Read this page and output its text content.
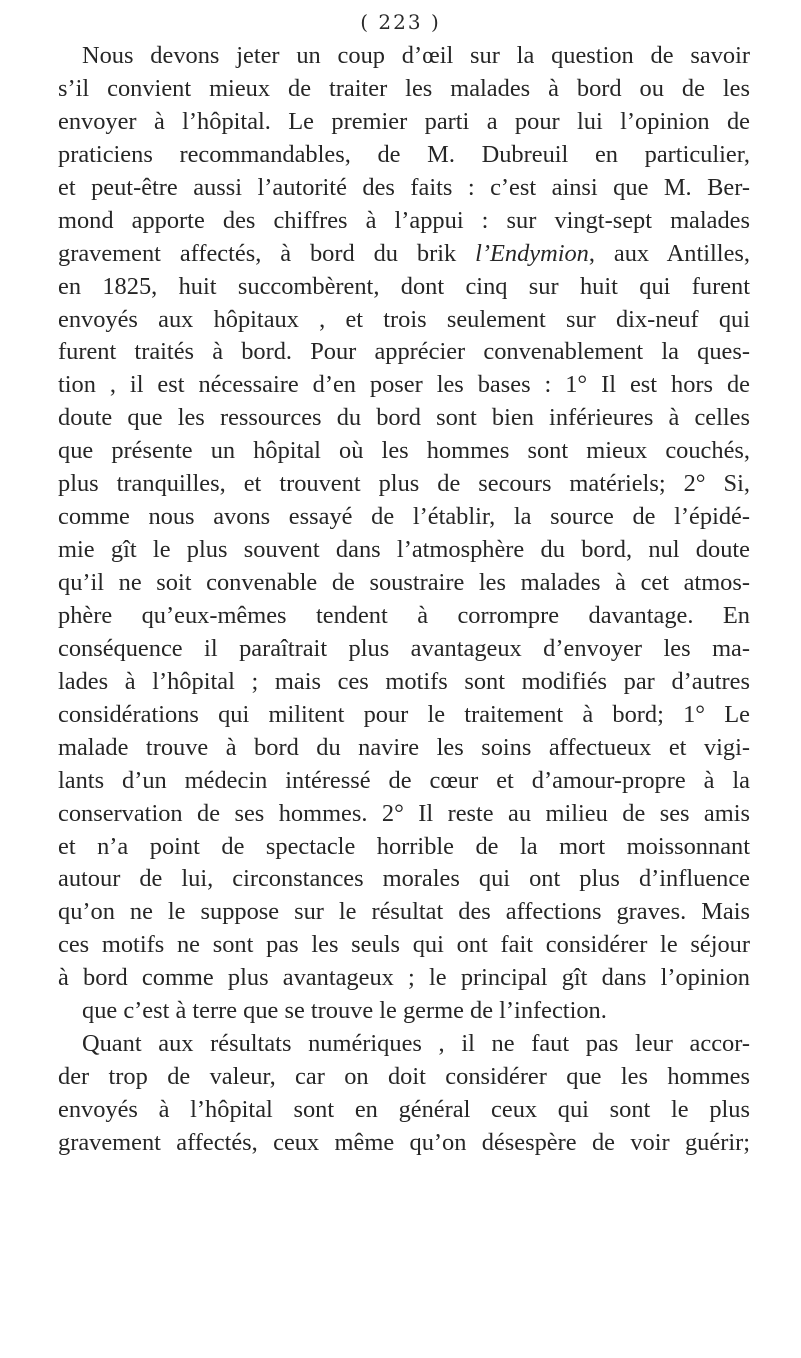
( 223 )
Nous devons jeter un coup d’œil sur la question de savoir
s’il convient mieux de traiter les malades à bord ou de les
envoyer à l’hôpital. Le premier parti a pour lui l’opinion de
praticiens recommandables, de M. Dubreuil en particulier,
et peut-être aussi l’autorité des faits : c’est ainsi que M. Ber-
mond apporte des chiffres à l’appui : sur vingt-sept malades
gravement affectés, à bord du brik l’Endymion, aux Antilles,
en 1825, huit succombèrent, dont cinq sur huit qui furent
envoyés aux hôpitaux , et trois seulement sur dix-neuf qui
furent traités à bord. Pour apprécier convenablement la ques-
tion , il est nécessaire d’en poser les bases : 1° Il est hors de
doute que les ressources du bord sont bien inférieures à celles
que présente un hôpital où les hommes sont mieux couchés,
plus tranquilles, et trouvent plus de secours matériels; 2° Si,
comme nous avons essayé de l’établir, la source de l’épidé-
mie gît le plus souvent dans l’atmosphère du bord, nul doute
qu’il ne soit convenable de soustraire les malades à cet atmos-
phère qu’eux-mêmes tendent à corrompre davantage. En
conséquence il paraîtrait plus avantageux d’envoyer les ma-
lades à l’hôpital ; mais ces motifs sont modifiés par d’autres
considérations qui militent pour le traitement à bord; 1° Le
malade trouve à bord du navire les soins affectueux et vigi-
lants d’un médecin intéressé de cœur et d’amour-propre à la
conservation de ses hommes. 2° Il reste au milieu de ses amis
et n’a point de spectacle horrible de la mort moissonnant
autour de lui, circonstances morales qui ont plus d’influence
qu’on ne le suppose sur le résultat des affections graves. Mais
ces motifs ne sont pas les seuls qui ont fait considérer le séjour
à bord comme plus avantageux ; le principal gît dans l’opinion
que c’est à terre que se trouve le germe de l’infection.
Quant aux résultats numériques , il ne faut pas leur accor-
der trop de valeur, car on doit considérer que les hommes
envoyés à l’hôpital sont en général ceux qui sont le plus
gravement affectés, ceux même qu’on désespère de voir guérir;
